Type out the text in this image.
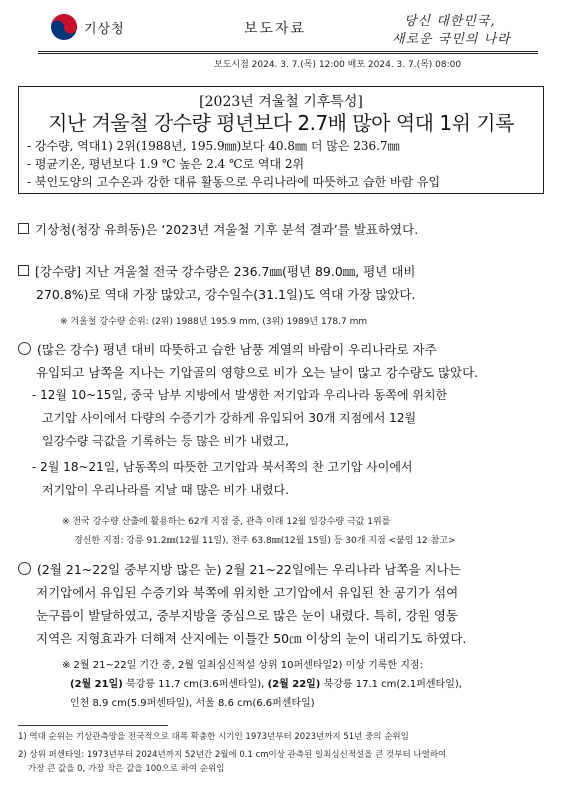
기상청	보도자료	당신 대한민국,
새로운 국민의 나라
보도시점 2024. 3. 7.(목) 12:00 배포 2024. 3. 7.(목) 08:00
[2023년 겨울철 기후특성]
지난 겨울철 강수량 평년보다 2.7배 많아 역대 1위 기록
- 강수량, 역대1) 2위(1988년, 195.9㎜)보다 40.8㎜ 더 많은 236.7㎜
- 평균기온, 평년보다 1.9 ℃ 높은 2.4 ℃로 역대 2위
- 북인도양의 고수온과 강한 대류 활동으로 우리나라에 따뜻하고 습한 바람 유입
기상청(청장 유희동)은 ‘2023년 겨울철 기후 분석 결과’를 발표하였다.
[강수량] 지난 겨울철 전국 강수량은 236.7㎜(평년 89.0㎜, 평년 대비
270.8%)로 역대 가장 많았고, 강수일수(31.1일)도 역대 가장 많았다.
※ 겨울철 강수량 순위: (2위) 1988년 195.9 mm, (3위) 1989년 178.7 mm
(많은 강수) 평년 대비 따뜻하고 습한 남풍 계열의 바람이 우리나라로 자주
유입되고 남쪽을 지나는 기압골의 영향으로 비가 오는 날이 많고 강수량도 많았다.
- 12월 10~15일, 중국 남부 지방에서 발생한 저기압과 우리나라 동쪽에 위치한
고기압 사이에서 다량의 수증기가 강하게 유입되어 30개 지점에서 12월
일강수량 극값을 기록하는 등 많은 비가 내렸고,
- 2월 18~21일, 남동쪽의 따뜻한 고기압과 북서쪽의 찬 고기압 사이에서
저기압이 우리나라를 지날 때 많은 비가 내렸다.
※ 전국 강수량 산출에 활용하는 62개 지점 중, 관측 이래 12월 일강수량 극값 1위를
경신한 지점: 강릉 91.2㎜(12월 11일), 전주 63.8㎜(12월 15일) 등 30개 지점 <붙임 12 참고>
(2월 21~22일 중부지방 많은 눈) 2월 21~22일에는 우리나라 남쪽을 지나는
저기압에서 유입된 수증기와 북쪽에 위치한 고기압에서 유입된 찬 공기가 섞여
눈구름이 발달하였고, 중부지방을 중심으로 많은 눈이 내렸다. 특히, 강원 영동
지역은 지형효과가 더해져 산지에는 이틀간 50㎝ 이상의 눈이 내리기도 하였다.
※ 2월 21~22일 기간 중, 2월 일최심신적설 상위 10퍼센타일2) 이상 기록한 지점:
(2월 21일) 북강릉 11.7 cm(3.6퍼센타일), (2월 22일) 북강릉 17.1 cm(2.1퍼센타일),
인천 8.9 cm(5.9퍼센타일), 서울 8.6 cm(6.6퍼센타일)
1) 역대 순위는 기상관측망을 전국적으로 대폭 확충한 시기인 1973년부터 2023년까지 51년 중의 순위임
2) 상위 퍼센타일: 1973년부터 2024년까지 52년간 2월에 0.1 cm이상 관측된 일최심신적설을 큰 것부터 나열하여
가장 큰 값을 0, 가장 작은 값을 100으로 하여 순위임
